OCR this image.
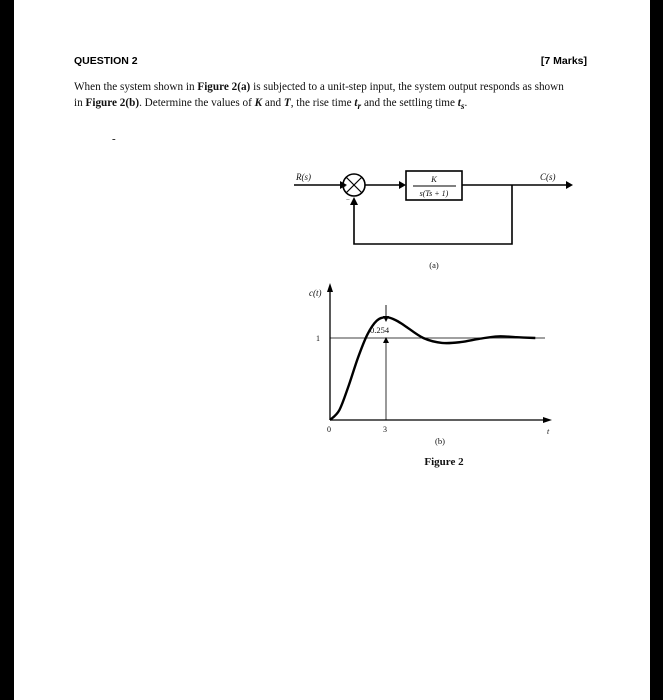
QUESTION 2	[7 Marks]
When the system shown in Figure 2(a) is subjected to a unit-step input, the system output responds as shown in Figure 2(b). Determine the values of K and T, the rise time $t_r$ and the settling time $t_s$.
-
R(s)	C(s)
+
−
K
s(Ts + 1)
(a)
c(t)
1
0	3	t
0.254
(b)
Figure 2
